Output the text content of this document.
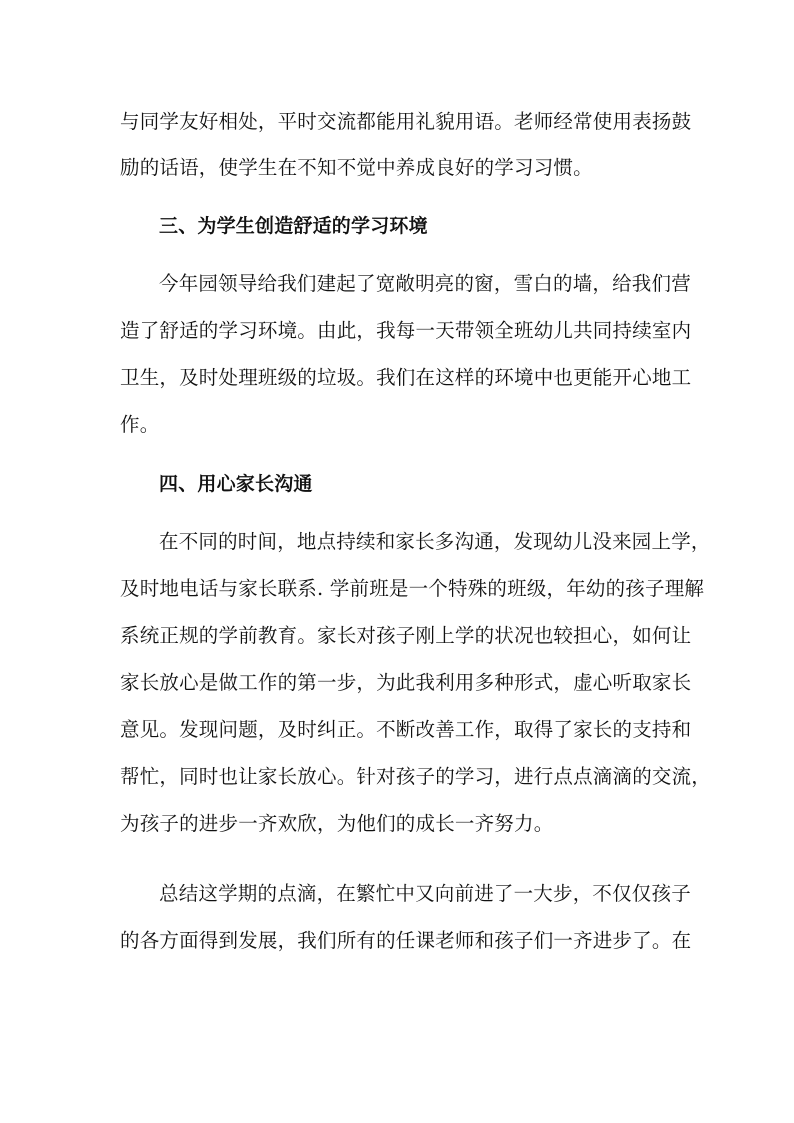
与同学友好相处，平时交流都能用礼貌用语。老师经常使用表扬鼓
励的话语，使学生在不知不觉中养成良好的学习习惯。
三、为学生创造舒适的学习环境
今年园领导给我们建起了宽敞明亮的窗，雪白的墙，给我们营
造了舒适的学习环境。由此，我每一天带领全班幼儿共同持续室内
卫生，及时处理班级的垃圾。我们在这样的环境中也更能开心地工
作。
四、用心家长沟通
在不同的时间，地点持续和家长多沟通，发现幼儿没来园上学，
及时地电话与家长联系. 学前班是一个特殊的班级，年幼的孩子理解
系统正规的学前教育。家长对孩子刚上学的状况也较担心，如何让
家长放心是做工作的第一步，为此我利用多种形式，虚心听取家长
意见。发现问题，及时纠正。不断改善工作，取得了家长的支持和
帮忙，同时也让家长放心。针对孩子的学习，进行点点滴滴的交流，
为孩子的进步一齐欢欣，为他们的成长一齐努力。
总结这学期的点滴，在繁忙中又向前进了一大步，不仅仅孩子
的各方面得到发展，我们所有的任课老师和孩子们一齐进步了。在
